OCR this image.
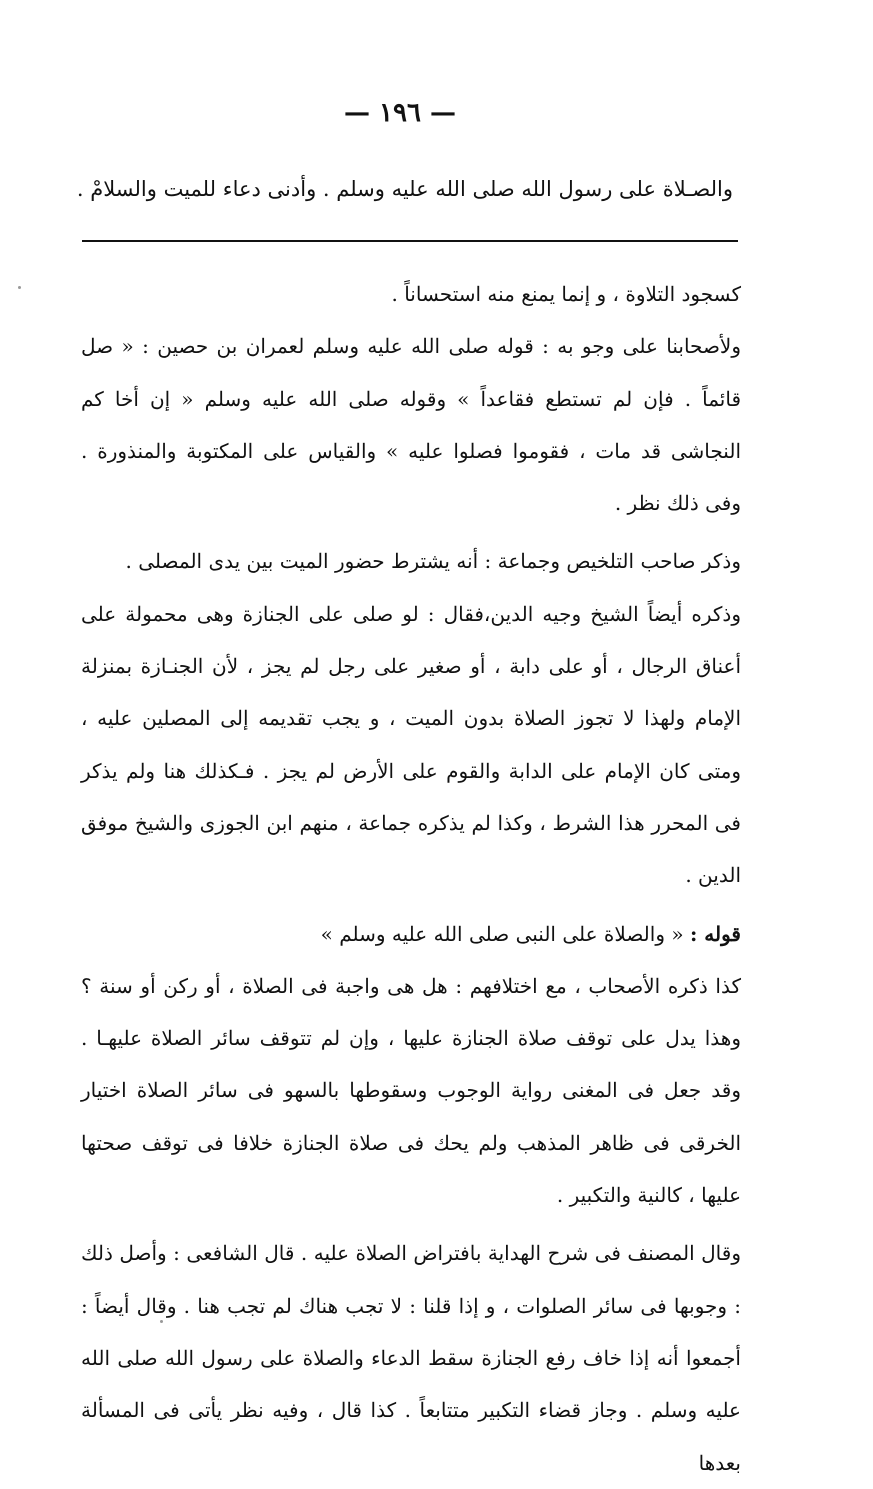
— ١٩٦ —
والصـلاة على رسول الله صلى الله عليه وسلم . وأدنى دعاء للميت والسلامْ .

كسجود التلاوة ، و إنما يمنع منه استحساناً .

ولأصحابنا على وجو به : قوله صلى الله عليه وسلم لعمران بن حصين : « صل قائماً . فإن لم تستطع فقاعداً » وقوله صلى الله عليه وسلم « إن أخا كم النجاشى قد مات ، فقوموا فصلوا عليه » والقياس على المكتوبة والمنذورة . وفى ذلك نظر .

وذكر صاحب التلخيص وجماعة : أنه يشترط حضور الميت بين يدى المصلى .

وذكره أيضاً الشيخ وجيه الدين،فقال : لو صلى على الجنازة وهى محمولة على أعناق الرجال ، أو على دابة ، أو صغير على رجل لم يجز ، لأن الجنـازة بمنزلة الإمام ولهذا لا تجوز الصلاة بدون الميت ، و يجب تقديمه إلى المصلين عليه ، ومتى كان الإمام على الدابة والقوم على الأرض لم يجز . فـكذلك هنا ولم يذكر فى المحرر هذا الشرط ، وكذا لم يذكره جماعة ، منهم ابن الجوزى والشيخ موفق الدين .

قوله : « والصلاة على النبى صلى الله عليه وسلم »

كذا ذكره الأصحاب ، مع اختلافهم : هل هى واجبة فى الصلاة ، أو ركن أو سنة ؟ وهذا يدل على توقف صلاة الجنازة عليها ، وإن لم تتوقف سائر الصلاة عليهـا . وقد جعل فى المغنى رواية الوجوب وسقوطها بالسهو فى سائر الصلاة اختيار الخرقى فى ظاهر المذهب ولم يحك فى صلاة الجنازة خلافا فى توقف صحتها عليها ، كالنية والتكبير .

وقال المصنف فى شرح الهداية بافتراض الصلاة عليه . قال الشافعى : وأصل ذلك : وجوبها فى سائر الصلوات ، و إذا قلنا : لا تجب هناك لم تجب هنا . وقال أيضاً : أجمعوا أنه إذا خاف رفع الجنازة سقط الدعاء والصلاة على رسول الله صلى الله عليه وسلم . وجاز قضاء التكبير متتابعاً . كذا قال ، وفيه نظر يأتى فى المسألة بعدها
